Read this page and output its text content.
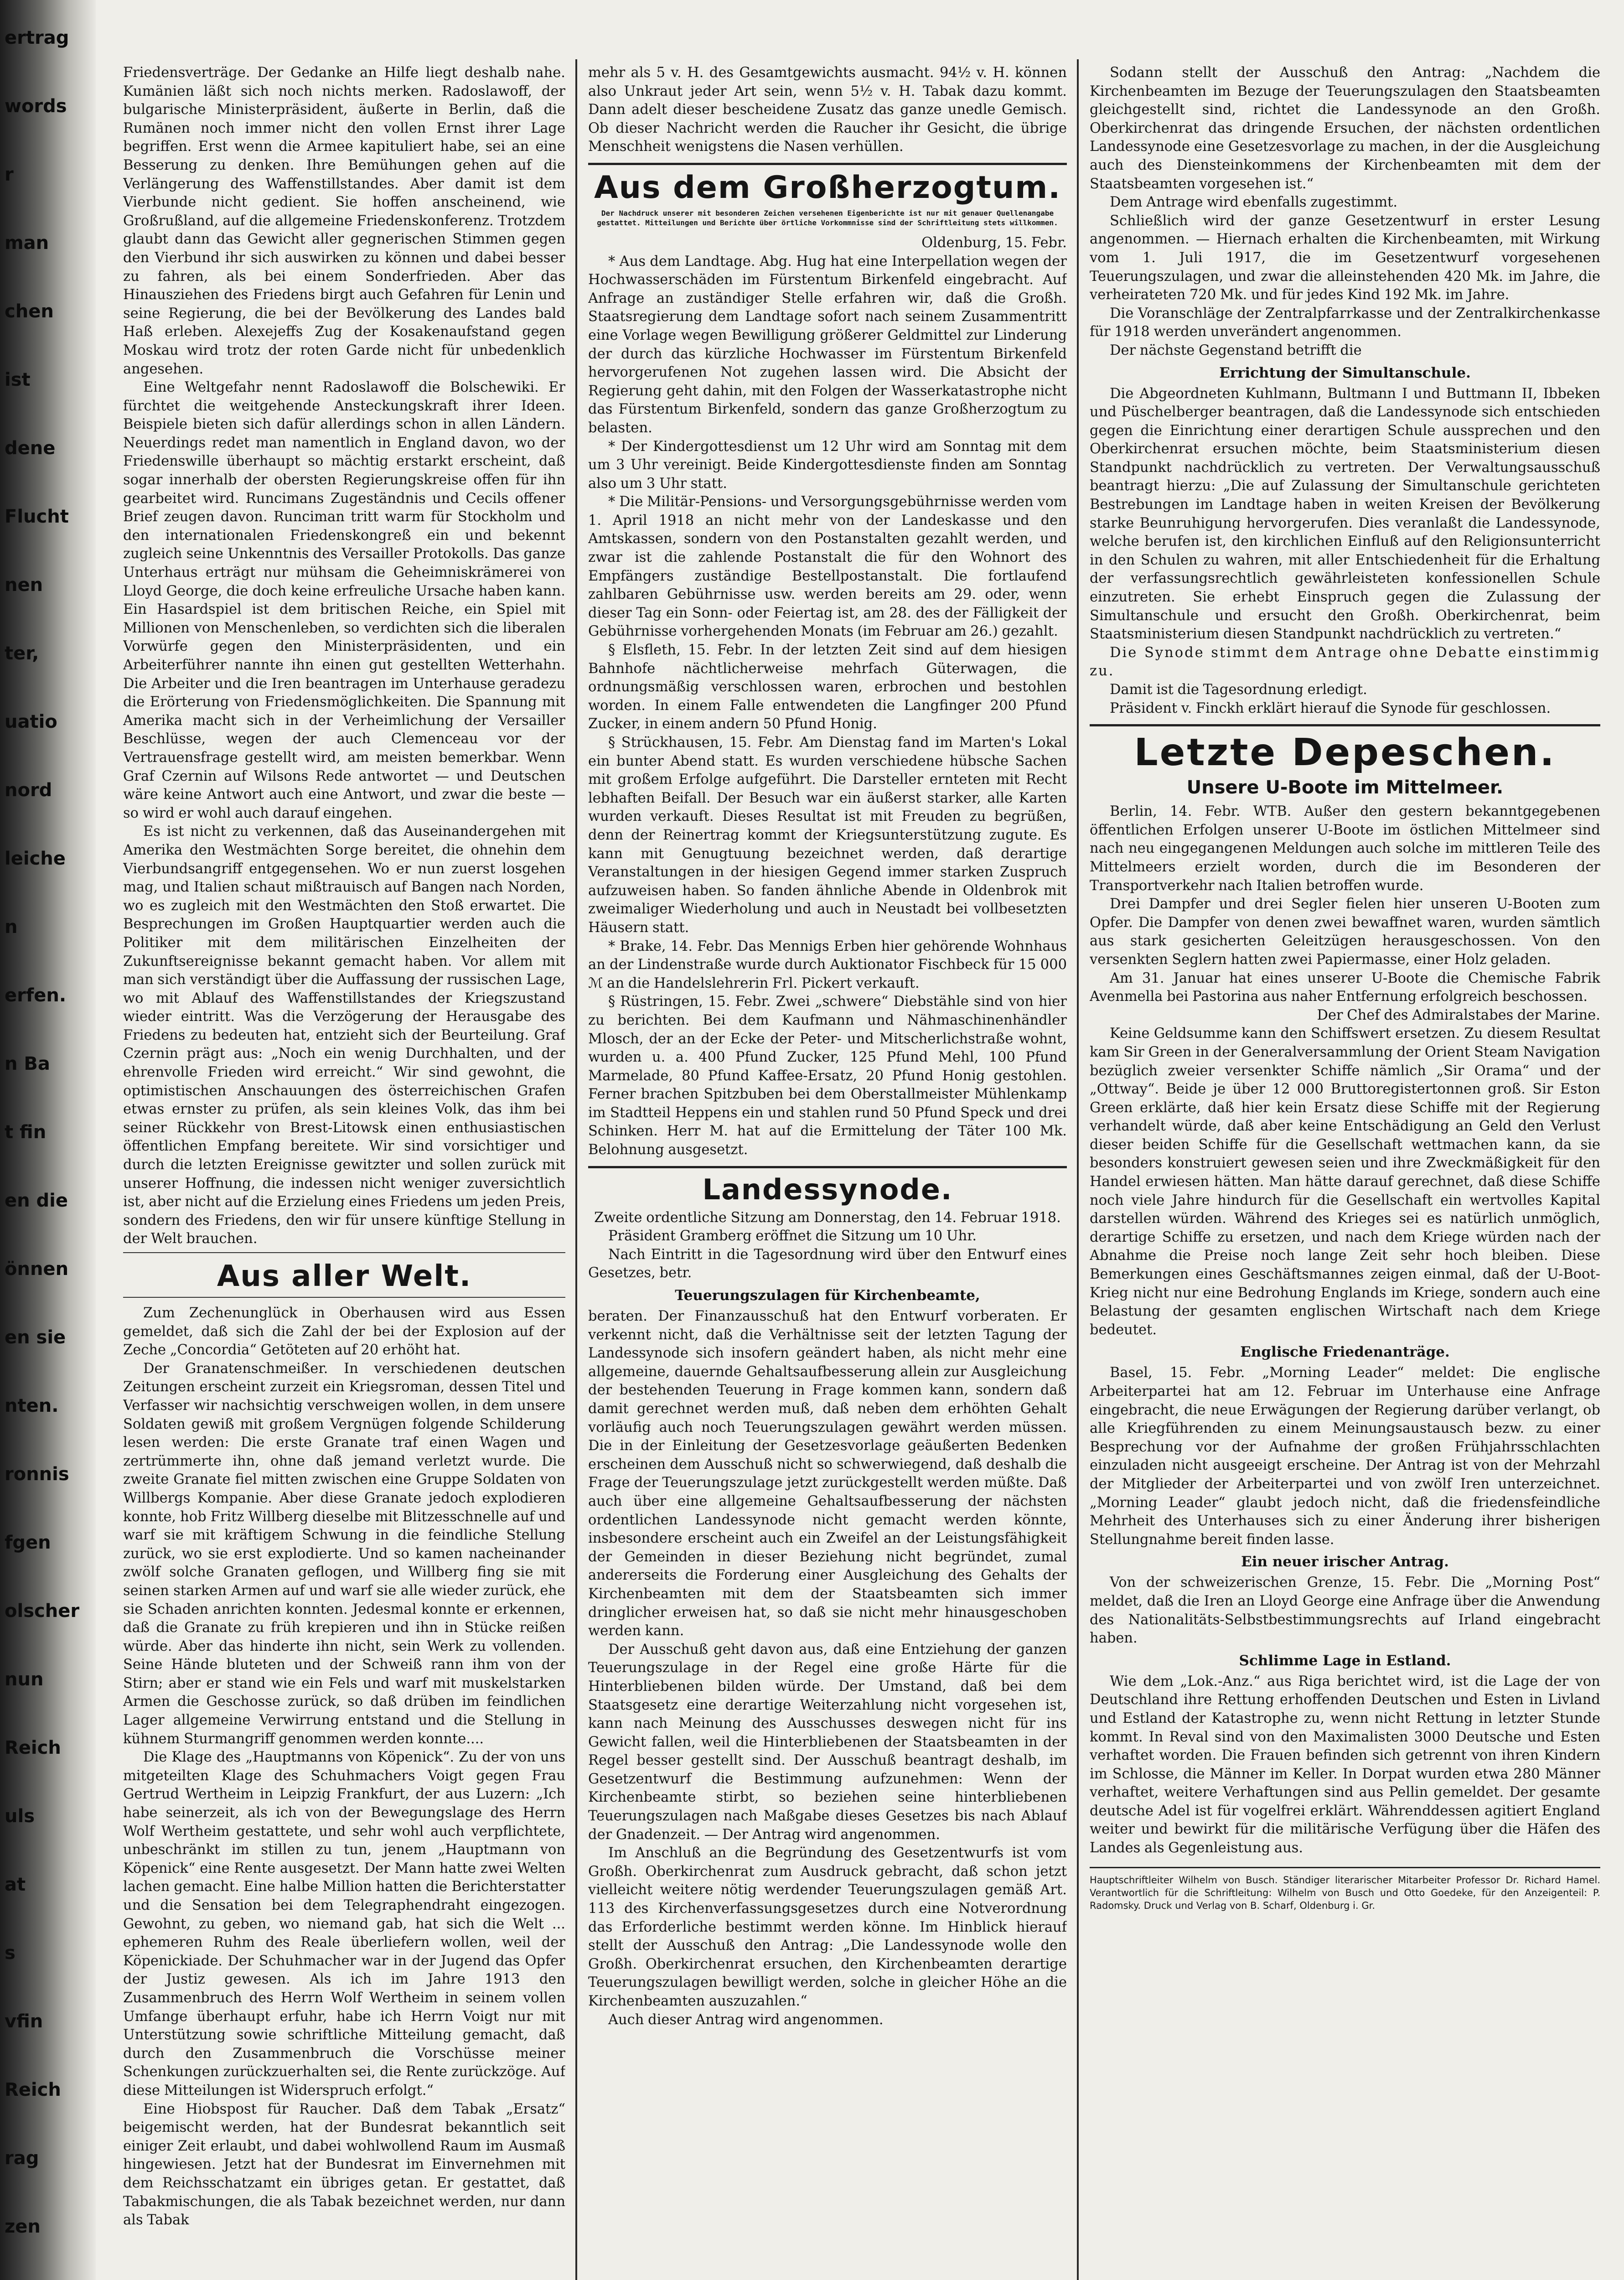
ertrag
words
r
man
chen
ist
dene
Flucht
nen
ter,
uatio
nord
leiche
n
erfen.
n Ba
t fin
en die
önnen
en sie
nten.
ronnis
fgen
olscher
nun
Reich
uls
at
s
vfin
Reich
rag
zen

Friedensverträge. Der Gedanke an Hilfe liegt deshalb nahe. Kumänien läßt sich noch nichts merken. Radoslawoff, der bulgarische Ministerpräsident, äußerte in Berlin, daß die Rumänen noch immer nicht den vollen Ernst ihrer Lage begriffen. Erst wenn die Armee kapituliert habe, sei an eine Besserung zu denken. Ihre Bemühungen gehen auf die Verlängerung des Waffenstillstandes. Aber damit ist dem Vierbunde nicht gedient. Sie hoffen anscheinend, wie Großrußland, auf die allgemeine Friedenskonferenz. Trotzdem glaubt dann das Gewicht aller gegnerischen Stimmen gegen den Vierbund ihr sich auswirken zu können und dabei besser zu fahren, als bei einem Sonderfrieden. Aber das Hinausziehen des Friedens birgt auch Gefahren für Lenin und seine Regierung, die bei der Bevölkerung des Landes bald Haß erleben. Alexejeffs Zug der Kosakenaufstand gegen Moskau wird trotz der roten Garde nicht für unbedenklich angesehen.

Eine Weltgefahr nennt Radoslawoff die Bolschewiki. Er fürchtet die weitgehende Ansteckungskraft ihrer Ideen. Beispiele bieten sich dafür allerdings schon in allen Ländern. Neuerdings redet man namentlich in England davon, wo der Friedenswille überhaupt so mächtig erstarkt erscheint, daß sogar innerhalb der obersten Regierungskreise offen für ihn gearbeitet wird. Runcimans Zugeständnis und Cecils offener Brief zeugen davon. Runciman tritt warm für Stockholm und den internationalen Friedenskongreß ein und bekennt zugleich seine Unkenntnis des Versailler Protokolls. Das ganze Unterhaus erträgt nur mühsam die Geheimniskrämerei von Lloyd George, die doch keine erfreuliche Ursache haben kann. Ein Hasardspiel ist dem britischen Reiche, ein Spiel mit Millionen von Menschenleben, so verdichten sich die liberalen Vorwürfe gegen den Ministerpräsidenten, und ein Arbeiterführer nannte ihn einen gut gestellten Wetterhahn. Die Arbeiter und die Iren beantragen im Unterhause geradezu die Erörterung von Friedensmöglichkeiten. Die Spannung mit Amerika macht sich in der Verheimlichung der Versailler Beschlüsse, wegen der auch Clemenceau vor der Vertrauensfrage gestellt wird, am meisten bemerkbar. Wenn Graf Czernin auf Wilsons Rede antwortet — und Deutschen wäre keine Antwort auch eine Antwort, und zwar die beste — so wird er wohl auch darauf eingehen.

Es ist nicht zu verkennen, daß das Auseinandergehen mit Amerika den Westmächten Sorge bereitet, die ohnehin dem Vierbundsangriff entgegensehen. Wo er nun zuerst losgehen mag, und Italien schaut mißtrauisch auf Bangen nach Norden, wo es zugleich mit den Westmächten den Stoß erwartet. Die Besprechungen im Großen Hauptquartier werden auch die Politiker mit dem militärischen Einzelheiten der Zukunftsereignisse bekannt gemacht haben. Vor allem mit man sich verständigt über die Auffassung der russischen Lage, wo mit Ablauf des Waffenstillstandes der Kriegszustand wieder eintritt. Was die Verzögerung der Herausgabe des Friedens zu bedeuten hat, entzieht sich der Beurteilung. Graf Czernin prägt aus: „Noch ein wenig Durchhalten, und der ehrenvolle Frieden wird erreicht.“ Wir sind gewohnt, die optimistischen Anschauungen des österreichischen Grafen etwas ernster zu prüfen, als sein kleines Volk, das ihm bei seiner Rückkehr von Brest-Litowsk einen enthusiastischen öffentlichen Empfang bereitete. Wir sind vorsichtiger und durch die letzten Ereignisse gewitzter und sollen zurück mit unserer Hoffnung, die indessen nicht weniger zuversichtlich ist, aber nicht auf die Erzielung eines Friedens um jeden Preis, sondern des Friedens, den wir für unsere künftige Stellung in der Welt brauchen.

Aus aller Welt.

Zum Zechenunglück in Oberhausen wird aus Essen gemeldet, daß sich die Zahl der bei der Explosion auf der Zeche „Concordia“ Getöteten auf 20 erhöht hat.

Der Granatenschmeißer. In verschiedenen deutschen Zeitungen erscheint zurzeit ein Kriegsroman, dessen Titel und Verfasser wir nachsichtig verschweigen wollen, in dem unsere Soldaten gewiß mit großem Vergnügen folgende Schilderung lesen werden: Die erste Granate traf einen Wagen und zertrümmerte ihn, ohne daß jemand verletzt wurde. Die zweite Granate fiel mitten zwischen eine Gruppe Soldaten von Willbergs Kompanie. Aber diese Granate jedoch explodieren konnte, hob Fritz Willberg dieselbe mit Blitzesschnelle auf und warf sie mit kräftigem Schwung in die feindliche Stellung zurück, wo sie erst explodierte. Und so kamen nacheinander zwölf solche Granaten geflogen, und Willberg fing sie mit seinen starken Armen auf und warf sie alle wieder zurück, ehe sie Schaden anrichten konnten. Jedesmal konnte er erkennen, daß die Granate zu früh krepieren und ihn in Stücke reißen würde. Aber das hinderte ihn nicht, sein Werk zu vollenden. Seine Hände bluteten und der Schweiß rann ihm von der Stirn; aber er stand wie ein Fels und warf mit muskelstarken Armen die Geschosse zurück, so daß drüben im feindlichen Lager allgemeine Verwirrung entstand und die Stellung in kühnem Sturmangriff genommen werden konnte....

Die Klage des „Hauptmanns von Köpenick“. Zu der von uns mitgeteilten Klage des Schuhmachers Voigt gegen Frau Gertrud Wertheim in Leipzig Frankfurt, der aus Luzern: „Ich habe seinerzeit, als ich von der Bewegungslage des Herrn Wolf Wertheim gestattete, und sehr wohl auch verpflichtete, unbeschränkt im stillen zu tun, jenem „Hauptmann von Köpenick“ eine Rente ausgesetzt. Der Mann hatte zwei Welten lachen gemacht. Eine halbe Million hatten die Berichterstatter und die Sensation bei dem Telegraphendraht eingezogen. Gewohnt, zu geben, wo niemand gab, hat sich die Welt ... ephemeren Ruhm des Reale überliefern wollen, weil der Köpenickiade. Der Schuhmacher war in der Jugend das Opfer der Justiz gewesen. Als ich im Jahre 1913 den Zusammenbruch des Herrn Wolf Wertheim in seinem vollen Umfange überhaupt erfuhr, habe ich Herrn Voigt nur mit Unterstützung sowie schriftliche Mitteilung gemacht, daß durch den Zusammenbruch die Vorschüsse meiner Schenkungen zurückzuerhalten sei, die Rente zurückzöge. Auf diese Mitteilungen ist Widerspruch erfolgt.“

Eine Hiobspost für Raucher. Daß dem Tabak „Ersatz“ beigemischt werden, hat der Bundesrat bekanntlich seit einiger Zeit erlaubt, und dabei wohlwollend Raum im Ausmaß hingewiesen. Jetzt hat der Bundesrat im Einvernehmen mit dem Reichsschatzamt ein übriges getan. Er gestattet, daß Tabakmischungen, die als Tabak bezeichnet werden, nur dann als Tabak

mehr als 5 v. H. des Gesamtgewichts ausmacht. 94½ v. H. können also Unkraut jeder Art sein, wenn 5½ v. H. Tabak dazu kommt. Dann adelt dieser bescheidene Zusatz das ganze unedle Gemisch. Ob dieser Nachricht werden die Raucher ihr Gesicht, die übrige Menschheit wenigstens die Nasen verhüllen.

Aus dem Großherzogtum.
Der Nachdruck unserer mit besonderen Zeichen versehenen Eigenberichte ist nur mit genauer Quellenangabe gestattet. Mitteilungen und Berichte über örtliche Vorkommnisse sind der Schriftleitung stets willkommen.

Oldenburg, 15. Febr.

* Aus dem Landtage. Abg. Hug hat eine Interpellation wegen der Hochwasserschäden im Fürstentum Birkenfeld eingebracht. Auf Anfrage an zuständiger Stelle erfahren wir, daß die Großh. Staatsregierung dem Landtage sofort nach seinem Zusammentritt eine Vorlage wegen Bewilligung größerer Geldmittel zur Linderung der durch das kürzliche Hochwasser im Fürstentum Birkenfeld hervorgerufenen Not zugehen lassen wird. Die Absicht der Regierung geht dahin, mit den Folgen der Wasserkatastrophe nicht das Fürstentum Birkenfeld, sondern das ganze Großherzogtum zu belasten.

* Der Kindergottesdienst um 12 Uhr wird am Sonntag mit dem um 3 Uhr vereinigt. Beide Kindergottesdienste finden am Sonntag also um 3 Uhr statt.

* Die Militär-Pensions- und Versorgungsgebührnisse werden vom 1. April 1918 an nicht mehr von der Landeskasse und den Amtskassen, sondern von den Postanstalten gezahlt werden, und zwar ist die zahlende Postanstalt die für den Wohnort des Empfängers zuständige Bestellpostanstalt. Die fortlaufend zahlbaren Gebührnisse usw. werden bereits am 29. oder, wenn dieser Tag ein Sonn- oder Feiertag ist, am 28. des der Fälligkeit der Gebührnisse vorhergehenden Monats (im Februar am 26.) gezahlt.

§ Elsfleth, 15. Febr. In der letzten Zeit sind auf dem hiesigen Bahnhofe nächtlicherweise mehrfach Güterwagen, die ordnungsmäßig verschlossen waren, erbrochen und bestohlen worden. In einem Falle entwendeten die Langfinger 200 Pfund Zucker, in einem andern 50 Pfund Honig.

§ Strückhausen, 15. Febr. Am Dienstag fand im Marten's Lokal ein bunter Abend statt. Es wurden verschiedene hübsche Sachen mit großem Erfolge aufgeführt. Die Darsteller ernteten mit Recht lebhaften Beifall. Der Besuch war ein äußerst starker, alle Karten wurden verkauft. Dieses Resultat ist mit Freuden zu begrüßen, denn der Reinertrag kommt der Kriegsunterstützung zugute. Es kann mit Genugtuung bezeichnet werden, daß derartige Veranstaltungen in der hiesigen Gegend immer starken Zuspruch aufzuweisen haben. So fanden ähnliche Abende in Oldenbrok mit zweimaliger Wiederholung und auch in Neustadt bei vollbesetzten Häusern statt.

* Brake, 14. Febr. Das Mennigs Erben hier gehörende Wohnhaus an der Lindenstraße wurde durch Auktionator Fischbeck für 15 000 ℳ an die Handelslehrerin Frl. Pickert verkauft.

§ Rüstringen, 15. Febr. Zwei „schwere“ Diebstähle sind von hier zu berichten. Bei dem Kaufmann und Nähmaschinenhändler Mlosch, der an der Ecke der Peter- und Mitscherlichstraße wohnt, wurden u. a. 400 Pfund Zucker, 125 Pfund Mehl, 100 Pfund Marmelade, 80 Pfund Kaffee-Ersatz, 20 Pfund Honig gestohlen. Ferner brachen Spitzbuben bei dem Oberstallmeister Mühlenkamp im Stadtteil Heppens ein und stahlen rund 50 Pfund Speck und drei Schinken. Herr M. hat auf die Ermittelung der Täter 100 Mk. Belohnung ausgesetzt.

Landessynode.

Zweite ordentliche Sitzung am Donnerstag, den 14. Februar 1918.

Präsident Gramberg eröffnet die Sitzung um 10 Uhr.

Nach Eintritt in die Tagesordnung wird über den Entwurf eines Gesetzes, betr.

Teuerungszulagen für Kirchenbeamte,

beraten. Der Finanzausschuß hat den Entwurf vorberaten. Er verkennt nicht, daß die Verhältnisse seit der letzten Tagung der Landessynode sich insofern geändert haben, als nicht mehr eine allgemeine, dauernde Gehaltsaufbesserung allein zur Ausgleichung der bestehenden Teuerung in Frage kommen kann, sondern daß damit gerechnet werden muß, daß neben dem erhöhten Gehalt vorläufig auch noch Teuerungszulagen gewährt werden müssen. Die in der Einleitung der Gesetzesvorlage geäußerten Bedenken erscheinen dem Ausschuß nicht so schwerwiegend, daß deshalb die Frage der Teuerungszulage jetzt zurückgestellt werden müßte. Daß auch über eine allgemeine Gehaltsaufbesserung der nächsten ordentlichen Landessynode nicht gemacht werden könnte, insbesondere erscheint auch ein Zweifel an der Leistungsfähigkeit der Gemeinden in dieser Beziehung nicht begründet, zumal andererseits die Forderung einer Ausgleichung des Gehalts der Kirchenbeamten mit dem der Staatsbeamten sich immer dringlicher erweisen hat, so daß sie nicht mehr hinausgeschoben werden kann.

Der Ausschuß geht davon aus, daß eine Entziehung der ganzen Teuerungszulage in der Regel eine große Härte für die Hinterbliebenen bilden würde. Der Umstand, daß bei dem Staatsgesetz eine derartige Weiterzahlung nicht vorgesehen ist, kann nach Meinung des Ausschusses deswegen nicht für ins Gewicht fallen, weil die Hinterbliebenen der Staatsbeamten in der Regel besser gestellt sind. Der Ausschuß beantragt deshalb, im Gesetzentwurf die Bestimmung aufzunehmen: Wenn der Kirchenbeamte stirbt, so beziehen seine hinterbliebenen Teuerungszulagen nach Maßgabe dieses Gesetzes bis nach Ablauf der Gnadenzeit. — Der Antrag wird angenommen.

Im Anschluß an die Begründung des Gesetzentwurfs ist vom Großh. Oberkirchenrat zum Ausdruck gebracht, daß schon jetzt vielleicht weitere nötig werdender Teuerungszulagen gemäß Art. 113 des Kirchenverfassungsgesetzes durch eine Notverordnung das Erforderliche bestimmt werden könne. Im Hinblick hierauf stellt der Ausschuß den Antrag: „Die Landessynode wolle den Großh. Oberkirchenrat ersuchen, den Kirchenbeamten derartige Teuerungszulagen bewilligt werden, solche in gleicher Höhe an die Kirchenbeamten auszuzahlen.“

Auch dieser Antrag wird angenommen.

Sodann stellt der Ausschuß den Antrag: „Nachdem die Kirchenbeamten im Bezuge der Teuerungszulagen den Staatsbeamten gleichgestellt sind, richtet die Landessynode an den Großh. Oberkirchenrat das dringende Ersuchen, der nächsten ordentlichen Landessynode eine Gesetzesvorlage zu machen, in der die Ausgleichung auch des Diensteinkommens der Kirchenbeamten mit dem der Staatsbeamten vorgesehen ist.“

Dem Antrage wird ebenfalls zugestimmt.

Schließlich wird der ganze Gesetzentwurf in erster Lesung angenommen. — Hiernach erhalten die Kirchenbeamten, mit Wirkung vom 1. Juli 1917, die im Gesetzentwurf vorgesehenen Teuerungszulagen, und zwar die alleinstehenden 420 Mk. im Jahre, die verheirateten 720 Mk. und für jedes Kind 192 Mk. im Jahre.

Die Voranschläge der Zentralpfarrkasse und der Zentralkirchenkasse für 1918 werden unverändert angenommen.

Der nächste Gegenstand betrifft die

Errichtung der Simultanschule.

Die Abgeordneten Kuhlmann, Bultmann I und Buttmann II, Ibbeken und Püschelberger beantragen, daß die Landessynode sich entschieden gegen die Einrichtung einer derartigen Schule aussprechen und den Oberkirchenrat ersuchen möchte, beim Staatsministerium diesen Standpunkt nachdrücklich zu vertreten. Der Verwaltungsausschuß beantragt hierzu: „Die auf Zulassung der Simultanschule gerichteten Bestrebungen im Landtage haben in weiten Kreisen der Bevölkerung starke Beunruhigung hervorgerufen. Dies veranlaßt die Landessynode, welche berufen ist, den kirchlichen Einfluß auf den Religionsunterricht in den Schulen zu wahren, mit aller Entschiedenheit für die Erhaltung der verfassungsrechtlich gewährleisteten konfessionellen Schule einzutreten. Sie erhebt Einspruch gegen die Zulassung der Simultanschule und ersucht den Großh. Oberkirchenrat, beim Staatsministerium diesen Standpunkt nachdrücklich zu vertreten.“

Die Synode stimmt dem Antrage ohne Debatte einstimmig zu.

Damit ist die Tagesordnung erledigt.

Präsident v. Finckh erklärt hierauf die Synode für geschlossen.

Letzte Depeschen.
Unsere U-Boote im Mittelmeer.

Berlin, 14. Febr. WTB. Außer den gestern bekanntgegebenen öffentlichen Erfolgen unserer U-Boote im östlichen Mittelmeer sind nach neu eingegangenen Meldungen auch solche im mittleren Teile des Mittelmeers erzielt worden, durch die im Besonderen der Transportverkehr nach Italien betroffen wurde.

Drei Dampfer und drei Segler fielen hier unseren U-Booten zum Opfer. Die Dampfer von denen zwei bewaffnet waren, wurden sämtlich aus stark gesicherten Geleitzügen herausgeschossen. Von den versenkten Seglern hatten zwei Papiermasse, einer Holz geladen.

Am 31. Januar hat eines unserer U-Boote die Chemische Fabrik Avenmella bei Pastorina aus naher Entfernung erfolgreich beschossen.

Der Chef des Admiralstabes der Marine.

Keine Geldsumme kann den Schiffswert ersetzen. Zu diesem Resultat kam Sir Green in der Generalversammlung der Orient Steam Navigation bezüglich zweier versenkter Schiffe nämlich „Sir Orama“ und der „Ottway“. Beide je über 12 000 Bruttoregistertonnen groß. Sir Eston Green erklärte, daß hier kein Ersatz diese Schiffe mit der Regierung verhandelt würde, daß aber keine Entschädigung an Geld den Verlust dieser beiden Schiffe für die Gesellschaft wettmachen kann, da sie besonders konstruiert gewesen seien und ihre Zweckmäßigkeit für den Handel erwiesen hätten. Man hätte darauf gerechnet, daß diese Schiffe noch viele Jahre hindurch für die Gesellschaft ein wertvolles Kapital darstellen würden. Während des Krieges sei es natürlich unmöglich, derartige Schiffe zu ersetzen, und nach dem Kriege würden nach der Abnahme die Preise noch lange Zeit sehr hoch bleiben. Diese Bemerkungen eines Geschäftsmannes zeigen einmal, daß der U-Boot-Krieg nicht nur eine Bedrohung Englands im Kriege, sondern auch eine Belastung der gesamten englischen Wirtschaft nach dem Kriege bedeutet.

Englische Friedenanträge.

Basel, 15. Febr. „Morning Leader“ meldet: Die englische Arbeiterpartei hat am 12. Februar im Unterhause eine Anfrage eingebracht, die neue Erwägungen der Regierung darüber verlangt, ob alle Kriegführenden zu einem Meinungsaustausch bezw. zu einer Besprechung vor der Aufnahme der großen Frühjahrsschlachten einzuladen nicht ausgeeigt erscheine. Der Antrag ist von der Mehrzahl der Mitglieder der Arbeiterpartei und von zwölf Iren unterzeichnet. „Morning Leader“ glaubt jedoch nicht, daß die friedensfeindliche Mehrheit des Unterhauses sich zu einer Änderung ihrer bisherigen Stellungnahme bereit finden lasse.

Ein neuer irischer Antrag.

Von der schweizerischen Grenze, 15. Febr. Die „Morning Post“ meldet, daß die Iren an Lloyd George eine Anfrage über die Anwendung des Nationalitäts-Selbstbestimmungsrechts auf Irland eingebracht haben.

Schlimme Lage in Estland.

Wie dem „Lok.-Anz.“ aus Riga berichtet wird, ist die Lage der von Deutschland ihre Rettung erhoffenden Deutschen und Esten in Livland und Estland der Katastrophe zu, wenn nicht Rettung in letzter Stunde kommt. In Reval sind von den Maximalisten 3000 Deutsche und Esten verhaftet worden. Die Frauen befinden sich getrennt von ihren Kindern im Schlosse, die Männer im Keller. In Dorpat wurden etwa 280 Männer verhaftet, weitere Verhaftungen sind aus Pellin gemeldet. Der gesamte deutsche Adel ist für vogelfrei erklärt. Währenddessen agitiert England weiter und bewirkt für die militärische Verfügung über die Häfen des Landes als Gegenleistung aus.

Hauptschriftleiter Wilhelm von Busch. Ständiger literarischer Mitarbeiter Professor Dr. Richard Hamel. Verantwortlich für die Schriftleitung: Wilhelm von Busch und Otto Goedeke, für den Anzeigenteil: P. Radomsky. Druck und Verlag von B. Scharf, Oldenburg i. Gr.
